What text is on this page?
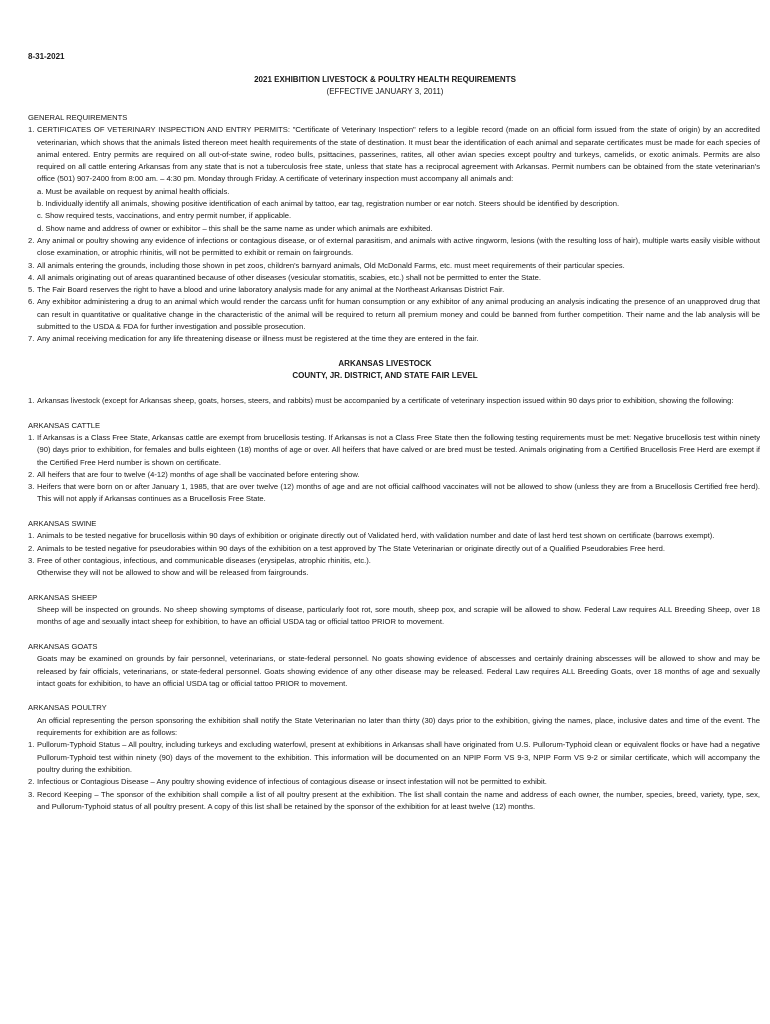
8-31-2021
2021 EXHIBITION LIVESTOCK & POULTRY HEALTH REQUIREMENTS
(EFFECTIVE JANUARY 3, 2011)

GENERAL REQUIREMENTS

1. CERTIFICATES OF VETERINARY INSPECTION AND ENTRY PERMITS: "Certificate of Veterinary Inspection" refers to a legible record (made on an official form issued from the state of origin) by an accredited veterinarian, which shows that the animals listed thereon meet health requirements of the state of destination. It must bear the identification of each animal and separate certificates must be made for each species of animal entered. Entry permits are required on all out-of-state swine, rodeo bulls, psittacines, passerines, ratites, all other avian species except poultry and turkeys, camelids, or exotic animals. Permits are also required on all cattle entering Arkansas from any state that is not a tuberculosis free state, unless that state has a reciprocal agreement with Arkansas. Permit numbers can be obtained from the state veterinarian's office (501) 907-2400 from 8:00 am. – 4:30 pm. Monday through Friday. A certificate of veterinary inspection must accompany all animals and:
a. Must be available on request by animal health officials.
b. Individually identify all animals, showing positive identification of each animal by tattoo, ear tag, registration number or ear notch. Steers should be identified by description.
c. Show required tests, vaccinations, and entry permit number, if applicable.
d. Show name and address of owner or exhibitor – this shall be the same name as under which animals are exhibited.
2. Any animal or poultry showing any evidence of infections or contagious disease, or of external parasitism, and animals with active ringworm, lesions (with the resulting loss of hair), multiple warts easily visible without close examination, or atrophic rhinitis, will not be permitted to exhibit or remain on fairgrounds.
3. All animals entering the grounds, including those shown in pet zoos, children's barnyard animals, Old McDonald Farms, etc. must meet requirements of their particular species.
4. All animals originating out of areas quarantined because of other diseases (vesicular stomatitis, scabies, etc.) shall not be permitted to enter the State.
5. The Fair Board reserves the right to have a blood and urine laboratory analysis made for any animal at the Northeast Arkansas District Fair.
6. Any exhibitor administering a drug to an animal which would render the carcass unfit for human consumption or any exhibitor of any animal producing an analysis indicating the presence of an unapproved drug that can result in quantitative or qualitative change in the characteristic of the animal will be required to return all premium money and could be banned from further competition. Their name and the lab analysis will be submitted to the USDA & FDA for further investigation and possible prosecution.
7. Any animal receiving medication for any life threatening disease or illness must be registered at the time they are entered in the fair.
ARKANSAS LIVESTOCK
COUNTY, JR. DISTRICT, AND STATE FAIR LEVEL
1. Arkansas livestock (except for Arkansas sheep, goats, horses, steers, and rabbits) must be accompanied by a certificate of veterinary inspection issued within 90 days prior to exhibition, showing the following:

ARKANSAS CATTLE

1. If Arkansas is a Class Free State, Arkansas cattle are exempt from brucellosis testing. If Arkansas is not a Class Free State then the following testing requirements must be met: Negative brucellosis test within ninety (90) days prior to exhibition, for females and bulls eighteen (18) months of age or over. All heifers that have calved or are bred must be tested. Animals originating from a Certified Brucellosis Free Herd are exempt if the Certified Free Herd number is shown on certificate.
2. All heifers that are four to twelve (4-12) months of age shall be vaccinated before entering show.
3. Heifers that were born on or after January 1, 1985, that are over twelve (12) months of age and are not official calfhood vaccinates will not be allowed to show (unless they are from a Brucellosis Certified free herd). This will not apply if Arkansas continues as a Brucellosis Free State.

ARKANSAS SWINE

1. Animals to be tested negative for brucellosis within 90 days of exhibition or originate directly out of Validated herd, with validation number and date of last herd test shown on certificate (barrows exempt).
2. Animals to be tested negative for pseudorabies within 90 days of the exhibition on a test approved by The State Veterinarian or originate directly out of a Qualified Pseudorabies Free herd.
3. Free of other contagious, infectious, and communicable diseases (erysipelas, atrophic rhinitis, etc.).
Otherwise they will not be allowed to show and will be released from fairgrounds.

ARKANSAS SHEEP

Sheep will be inspected on grounds. No sheep showing symptoms of disease, particularly foot rot, sore mouth, sheep pox, and scrapie will be allowed to show. Federal Law requires ALL Breeding Sheep, over 18 months of age and sexually intact sheep for exhibition, to have an official USDA tag or official tattoo PRIOR to movement.

ARKANSAS GOATS

Goats may be examined on grounds by fair personnel, veterinarians, or state-federal personnel. No goats showing evidence of abscesses and certainly draining abscesses will be allowed to show and may be released by fair officials, veterinarians, or state-federal personnel. Goats showing evidence of any other disease may be released. Federal Law requires ALL Breeding Goats, over 18 months of age and sexually intact goats for exhibition, to have an official USDA tag or official tattoo PRIOR to movement.

ARKANSAS POULTRY

An official representing the person sponsoring the exhibition shall notify the State Veterinarian no later than thirty (30) days prior to the exhibition, giving the names, place, inclusive dates and time of the event. The requirements for exhibition are as follows:
1. Pullorum-Typhoid Status – All poultry, including turkeys and excluding waterfowl, present at exhibitions in Arkansas shall have originated from U.S. Pullorum-Typhoid clean or equivalent flocks or have had a negative Pullorum-Typhoid test within ninety (90) days of the movement to the exhibition. This information will be documented on an NPIP Form VS 9-3, NPIP Form VS 9-2 or similar certificate, which will accompany the poultry during the exhibition.
2. Infectious or Contagious Disease – Any poultry showing evidence of infectious of contagious disease or insect infestation will not be permitted to exhibit.
3. Record Keeping – The sponsor of the exhibition shall compile a list of all poultry present at the exhibition. The list shall contain the name and address of each owner, the number, species, breed, variety, type, sex, and Pullorum-Typhoid status of all poultry present. A copy of this list shall be retained by the sponsor of the exhibition for at least twelve (12) months.
